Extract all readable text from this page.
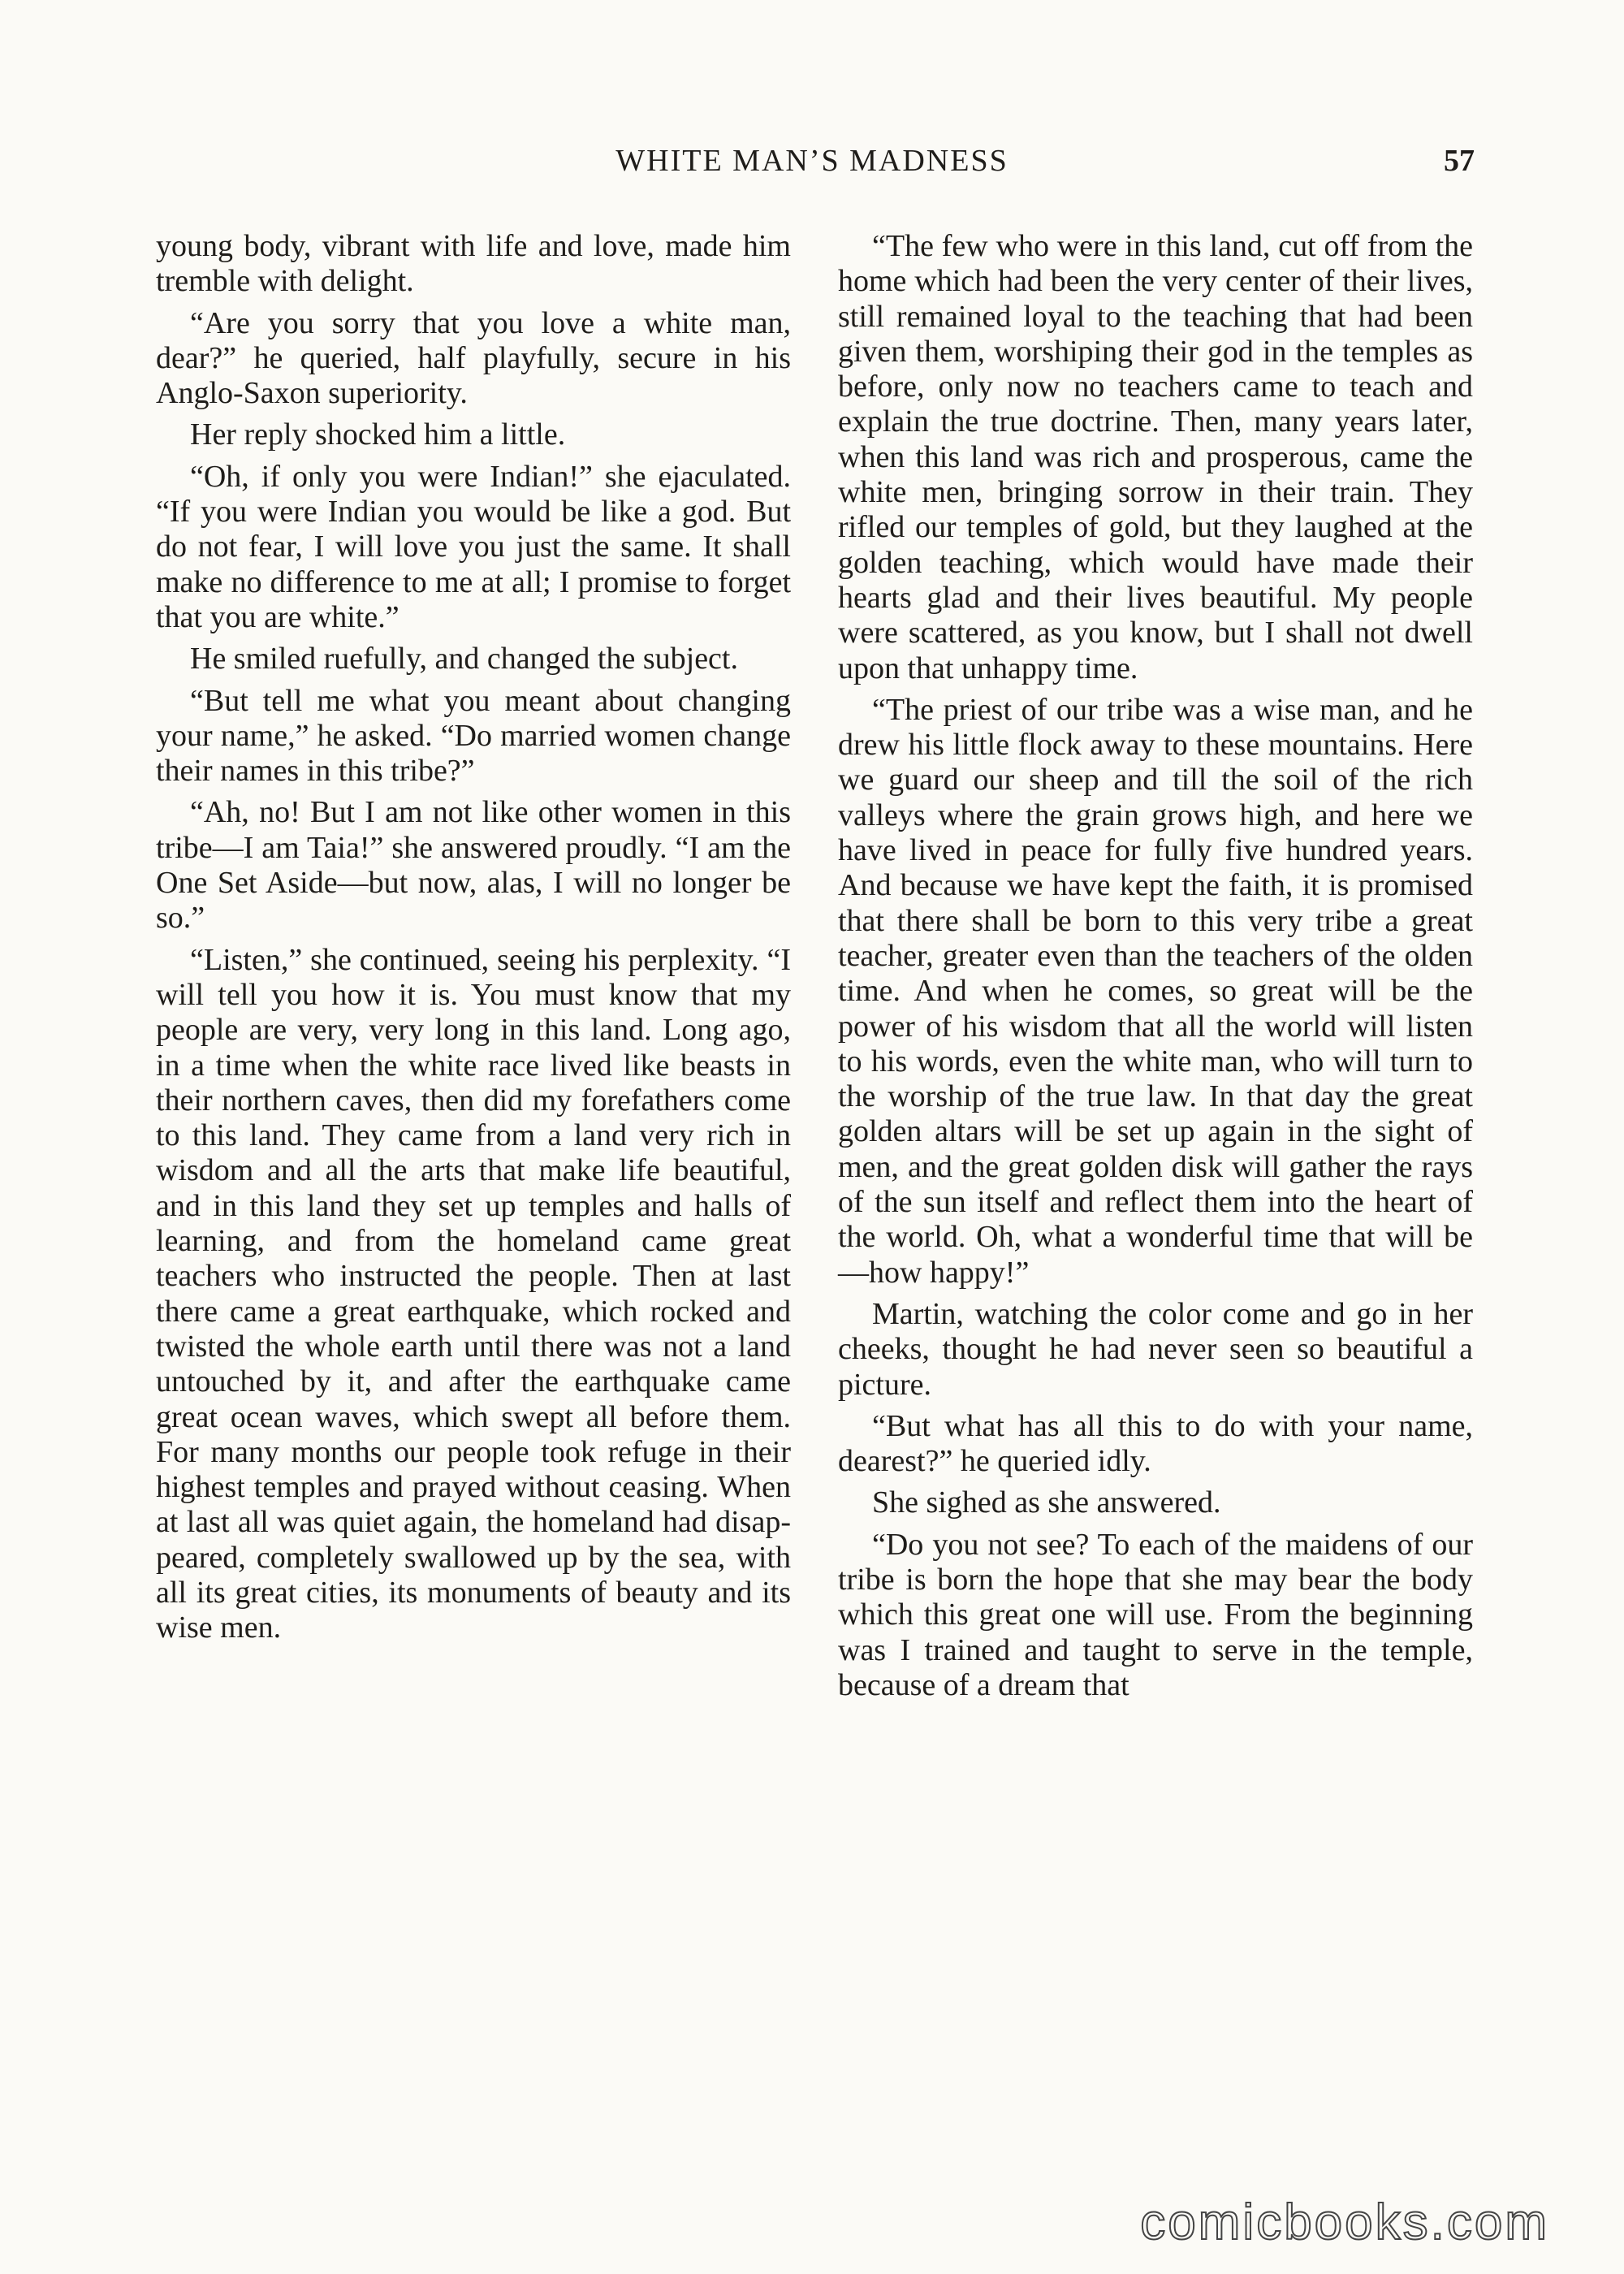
WHITE MAN’S MADNESS	57

young body, vibrant with life and love, made him tremble with delight.

“Are you sorry that you love a white man, dear?” he queried, half playfully, secure in his Anglo-Saxon superiority.

Her reply shocked him a little.

“Oh, if only you were Indian!” she ejaculated. “If you were Indian you would be like a god. But do not fear, I will love you just the same. It shall make no difference to me at all; I promise to forget that you are white.”

He smiled ruefully, and changed the subject.

“But tell me what you meant about changing your name,” he asked. “Do married women change their names in this tribe?”

“Ah, no! But I am not like other women in this tribe—I am Taia!” she answered proudly. “I am the One Set Aside—but now, alas, I will no longer be so.”

“Listen,” she continued, seeing his perplexity. “I will tell you how it is. You must know that my people are very, very long in this land. Long ago, in a time when the white race lived like beasts in their northern caves, then did my forefathers come to this land. They came from a land very rich in wisdom and all the arts that make life beautiful, and in this land they set up temples and halls of learning, and from the homeland came great teachers who instructed the people. Then at last there came a great earthquake, which rocked and twisted the whole earth until there was not a land untouched by it, and after the earthquake came great ocean waves, which swept all before them. For many months our people took refuge in their highest temples and prayed without ceasing. When at last all was quiet again, the homeland had disappeared, completely swallowed up by the sea, with all its great cities, its monuments of beauty and its wise men.

“The few who were in this land, cut off from the home which had been the very center of their lives, still remained loyal to the teaching that had been given them, worshiping their god in the temples as before, only now no teachers came to teach and explain the true doctrine. Then, many years later, when this land was rich and prosperous, came the white men, bringing sorrow in their train. They rifled our temples of gold, but they laughed at the golden teaching, which would have made their hearts glad and their lives beautiful. My people were scattered, as you know, but I shall not dwell upon that unhappy time.

“The priest of our tribe was a wise man, and he drew his little flock away to these mountains. Here we guard our sheep and till the soil of the rich valleys where the grain grows high, and here we have lived in peace for fully five hundred years. And because we have kept the faith, it is promised that there shall be born to this very tribe a great teacher, greater even than the teachers of the olden time. And when he comes, so great will be the power of his wisdom that all the world will listen to his words, even the white man, who will turn to the worship of the true law. In that day the great golden altars will be set up again in the sight of men, and the great golden disk will gather the rays of the sun itself and reflect them into the heart of the world. Oh, what a wonderful time that will be—how happy!”

Martin, watching the color come and go in her cheeks, thought he had never seen so beautiful a picture.

“But what has all this to do with your name, dearest?” he queried idly.

She sighed as she answered.

“Do you not see? To each of the maidens of our tribe is born the hope that she may bear the body which this great one will use. From the beginning was I trained and taught to serve in the temple, because of a dream that

comicbooks.com
